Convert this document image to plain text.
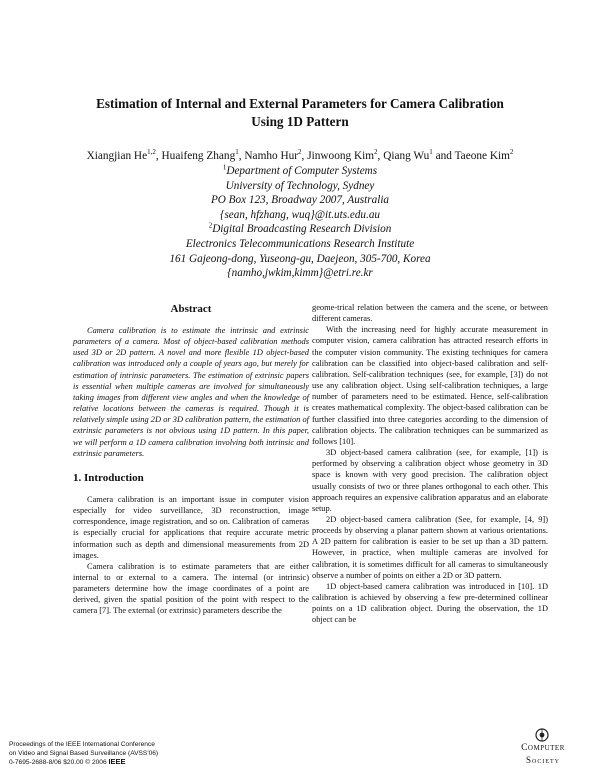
Estimation of Internal and External Parameters for Camera Calibration
Using 1D Pattern
Xiangjian He$^{1,2}$, Huaifeng Zhang$^1$, Namho Hur$^2$, Jinwoong Kim$^2$, Qiang Wu$^1$ and Taeone Kim$^2$
$^1$Department of Computer Systems
University of Technology, Sydney
PO Box 123, Broadway 2007, Australia
{sean, hfzhang, wuq}@it.uts.edu.au
$^2$Digital Broadcasting Research Division
Electronics Telecommunications Research Institute
161 Gajeong-dong, Yuseong-gu, Daejeon, 305-700, Korea
{namho,jwkim,kimm}@etri.re.kr
Abstract

Camera calibration is to estimate the intrinsic and extrinsic parameters of a camera. Most of object-based calibration methods used 3D or 2D pattern. A novel and more flexible 1D object-based calibration was introduced only a couple of years ago, but merely for estimation of intrinsic parameters. The estimation of extrinsic papers is essential when multiple cameras are involved for simultaneously taking images from different view angles and when the knowledge of relative locations between the cameras is required. Though it is relatively simple using 2D or 3D calibration pattern, the estimation of extrinsic parameters is not obvious using 1D pattern. In this paper, we will perform a 1D camera calibration involving both intrinsic and extrinsic parameters.

1. Introduction

Camera calibration is an important issue in computer vision especially for video surveillance, 3D reconstruction, image correspondence, image registration, and so on. Calibration of cameras is especially crucial for applications that require accurate metric information such as depth and dimensional measurements from 2D images.

Camera calibration is to estimate parameters that are either internal to or external to a camera. The internal (or intrinsic) parameters determine how the image coordinates of a point are derived, given the spatial position of the point with respect to the camera [7]. The external (or extrinsic) parameters describe the

geome-trical relation between the camera and the scene, or between different cameras.

With the increasing need for highly accurate measurement in computer vision, camera calibration has attracted research efforts in the computer vision community. The existing techniques for camera calibration can be classified into object-based calibration and self-calibration. Self-calibration techniques (see, for example, [3]) do not use any calibration object. Using self-calibration techniques, a large number of parameters need to be estimated. Hence, self-calibration creates mathematical complexity. The object-based calibration can be further classified into three categories according to the dimension of calibration objects. The calibration techniques can be summarized as follows [10].

3D object-based camera calibration (see, for example, [1]) is performed by observing a calibration object whose geometry in 3D space is known with very good precision. The calibration object usually consists of two or three planes orthogonal to each other. This approach requires an expensive calibration apparatus and an elaborate setup.

2D object-based camera calibration (See, for example, [4, 9]) proceeds by observing a planar pattern shown at various orientations. A 2D pattern for calibration is easier to be set up than a 3D pattern. However, in practice, when multiple cameras are involved for calibration, it is sometimes difficult for all cameras to simultaneously observe a number of points on either a 2D or 3D pattern.

1D object-based camera calibration was introduced in [10]. 1D calibration is achieved by observing a few pre-determined collinear points on a 1D calibration object. During the observation, the 1D object can be

Proceedings of the IEEE International Conference
on Video and Signal Based Surveillance (AVSS'06)
0-7695-2688-8/06 $20.00 © 2006 IEEE
Computer
Society
